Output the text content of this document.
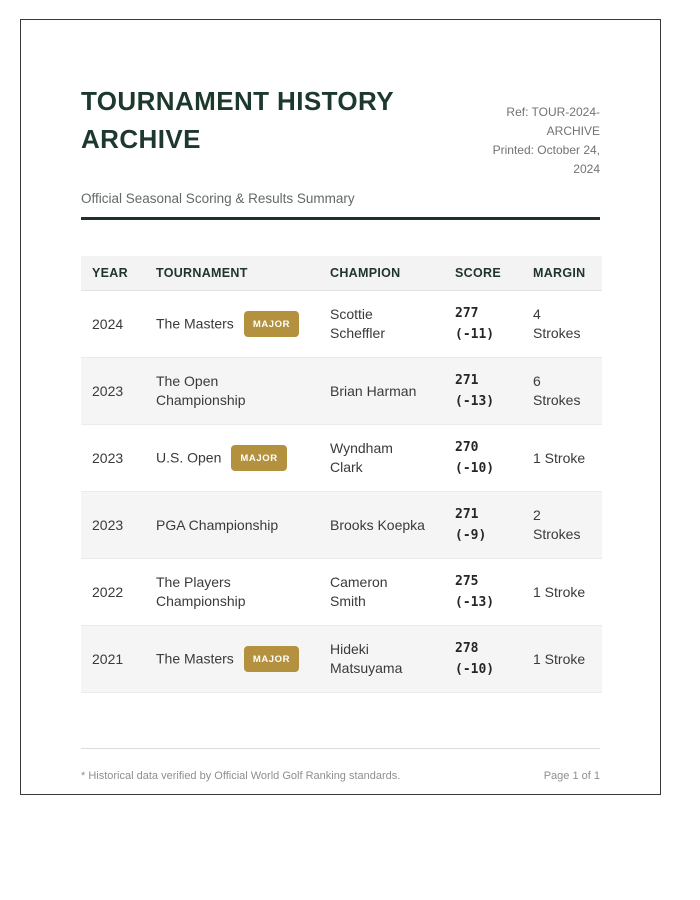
TOURNAMENT HISTORY ARCHIVE
Ref: TOUR-2024-ARCHIVE
Printed: October 24, 2024
Official Seasonal Scoring & Results Summary
YEAR	TOURNAMENT	CHAMPION	SCORE	MARGIN
2024	The Masters MAJOR	Scottie Scheffler	277 (-11)	4 Strokes
2023	The Open Championship	Brian Harman	271 (-13)	6 Strokes
2023	U.S. Open MAJOR	Wyndham Clark	270 (-10)	1 Stroke
2023	PGA Championship	Brooks Koepka	271 (-9)	2 Strokes
2022	The Players Championship	Cameron Smith	275 (-13)	1 Stroke
2021	The Masters MAJOR	Hideki Matsuyama	278 (-10)	1 Stroke
* Historical data verified by Official World Golf Ranking standards.	Page 1 of 1
